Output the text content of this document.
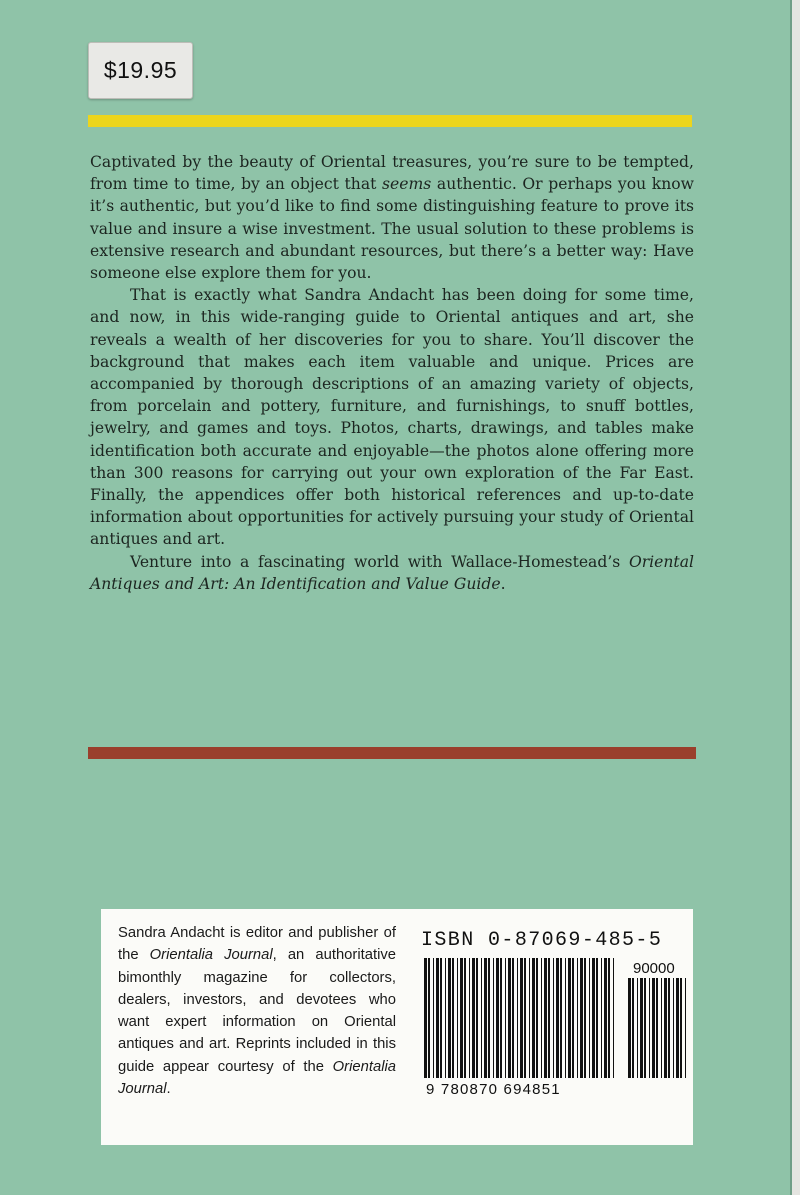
$19.95

Captivated by the beauty of Oriental treasures, you’re sure to be tempted, from time to time, by an object that seems authentic. Or perhaps you know it’s authentic, but you’d like to find some distinguishing feature to prove its value and insure a wise investment. The usual solution to these problems is extensive research and abundant resources, but there’s a better way: Have someone else explore them for you.

That is exactly what Sandra Andacht has been doing for some time, and now, in this wide-ranging guide to Oriental antiques and art, she reveals a wealth of her discoveries for you to share. You’ll discover the background that makes each item valuable and unique. Prices are accompanied by thorough descriptions of an amazing variety of objects, from porcelain and pottery, furniture, and furnishings, to snuff bottles, jewelry, and games and toys. Photos, charts, drawings, and tables make identification both accurate and enjoyable—the photos alone offering more than 300 reasons for carrying out your own exploration of the Far East. Finally, the appendices offer both historical references and up-to-date information about opportunities for actively pursuing your study of Oriental antiques and art.

Venture into a fascinating world with Wallace-Homestead’s Oriental Antiques and Art: An Identification and Value Guide.

Sandra Andacht is editor and publisher of the Orientalia Journal, an authoritative bimonthly magazine for collectors, dealers, investors, and devotees who want expert information on Oriental antiques and art. Reprints included in this guide appear courtesy of the Orientalia Journal.
ISBN 0-87069-485-5
90000
9 780870 694851
